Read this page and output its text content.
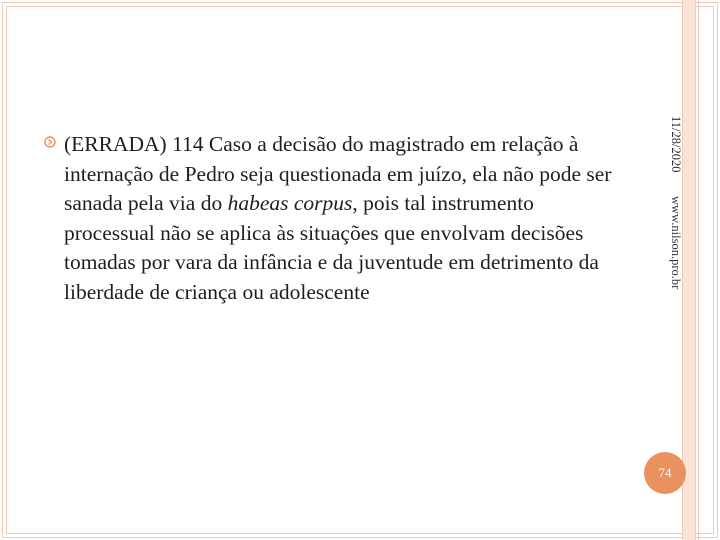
(ERRADA) 114 Caso a decisão do magistrado em relação à internação de Pedro seja questionada em juízo, ela não pode ser sanada pela via do habeas corpus, pois tal instrumento processual não se aplica às situações que envolvam decisões tomadas por vara da infância e da juventude em detrimento da liberdade de criança ou adolescente

11/28/2020
www.nilson.pro.br
74
